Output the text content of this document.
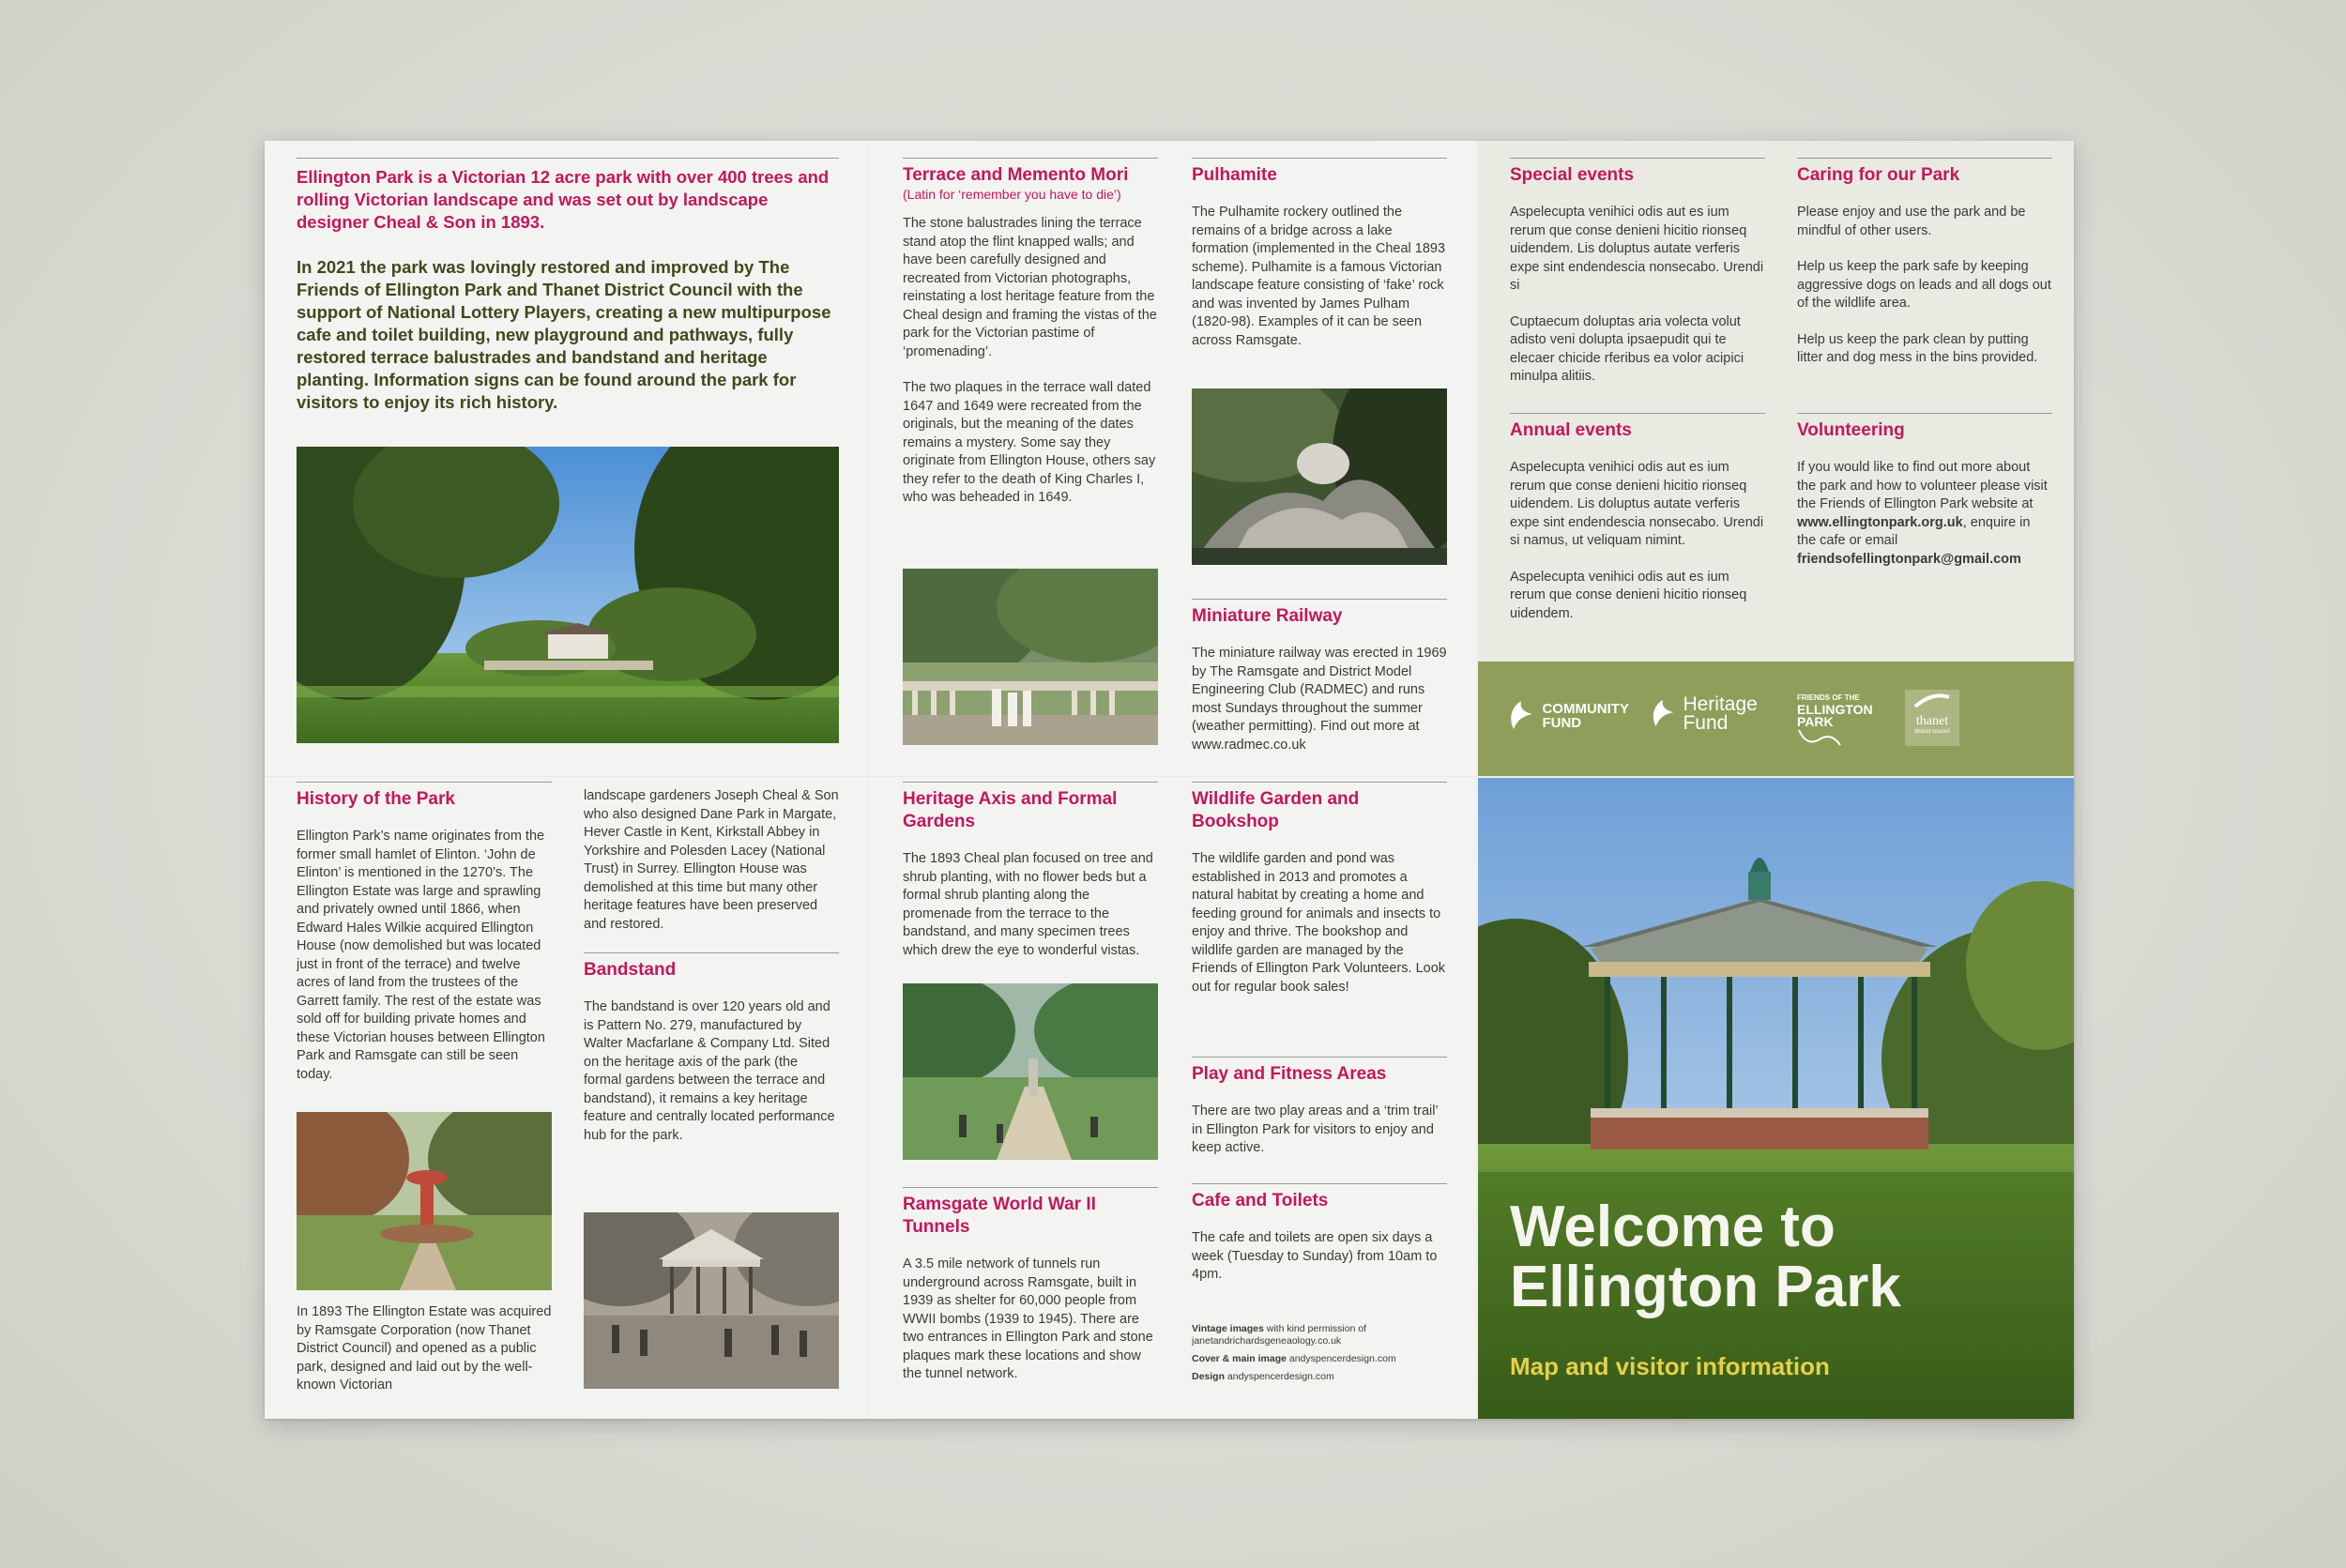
Ellington Park is a Victorian 12 acre park with over 400 trees and rolling Victorian landscape and was set out by landscape designer Cheal & Son in 1893.

In 2021 the park was lovingly restored and improved by The Friends of Ellington Park and Thanet District Council with the support of National Lottery Players, creating a new multipurpose cafe and toilet building, new playground and pathways, fully restored terrace balustrades and bandstand and heritage planting. Information signs can be found around the park for visitors to enjoy its rich history.

Terrace and Memento Mori
(Latin for ‘remember you have to die’)

The stone balustrades lining the terrace stand atop the flint knapped walls; and have been carefully designed and recreated from Victorian photographs, reinstating a lost heritage feature from the Cheal design and framing the vistas of the park for the Victorian pastime of ‘promenading’.

The two plaques in the terrace wall dated 1647 and 1649 were recreated from the originals, but the meaning of the dates remains a mystery. Some say they originate from Ellington House, others say they refer to the death of King Charles I, who was beheaded in 1649.

Pulhamite

The Pulhamite rockery outlined the remains of a bridge across a lake formation (implemented in the Cheal 1893 scheme). Pulhamite is a famous Victorian landscape feature consisting of ‘fake’ rock and was invented by James Pulham (1820-98). Examples of it can be seen across Ramsgate.

Miniature Railway

The miniature railway was erected in 1969 by The Ramsgate and District Model Engineering Club (RADMEC) and runs most Sundays throughout the summer (weather permitting). Find out more at www.radmec.co.uk

Special events

Aspelecupta venihici odis aut es ium rerum que conse denieni hicitio rionseq uidendem. Lis doluptus autate verferis expe sint endendescia nonsecabo. Urendi si

Cuptaecum doluptas aria volecta volut adisto veni dolupta ipsaepudit qui te elecaer chicide rferibus ea volor acipici minulpa alitiis.

Annual events

Aspelecupta venihici odis aut es ium rerum que conse denieni hicitio rionseq uidendem. Lis doluptus autate verferis expe sint endendescia nonsecabo. Urendi si namus, ut veliquam nimint.

Aspelecupta venihici odis aut es ium rerum que conse denieni hicitio rionseq uidendem.

Caring for our Park

Please enjoy and use the park and be mindful of other users.

Help us keep the park safe by keeping aggressive dogs on leads and all dogs out of the wildlife area.

Help us keep the park clean by putting litter and dog mess in the bins provided.

Volunteering
If you would like to find out more about the park and how to volunteer please visit the Friends of Ellington Park website at www.ellingtonpark.org.uk, enquire in the cafe or email friendsofellingtonpark@gmail.com
COMMUNITY FUND
Heritage
Fund
FRIENDS OF THE
ELLINGTON
PARK	thanet
district council
History of the Park

Ellington Park’s name originates from the former small hamlet of Elinton. ‘John de Elinton’ is mentioned in the 1270’s. The Ellington Estate was large and sprawling and privately owned until 1866, when Edward Hales Wilkie acquired Ellington House (now demolished but was located just in front of the terrace) and twelve acres of land from the trustees of the Garrett family. The rest of the estate was sold off for building private homes and these Victorian houses between Ellington Park and Ramsgate can still be seen today.

In 1893 The Ellington Estate was acquired by Ramsgate Corporation (now Thanet District Council) and opened as a public park, designed and laid out by the well-known Victorian

landscape gardeners Joseph Cheal & Son who also designed Dane Park in Margate, Hever Castle in Kent, Kirkstall Abbey in Yorkshire and Polesden Lacey (National Trust) in Surrey. Ellington House was demolished at this time but many other heritage features have been preserved and restored.

Bandstand

The bandstand is over 120 years old and is Pattern No. 279, manufactured by Walter Macfarlane & Company Ltd. Sited on the heritage axis of the park (the formal gardens between the terrace and bandstand), it remains a key heritage feature and centrally located performance hub for the park.

Heritage Axis and Formal Gardens

The 1893 Cheal plan focused on tree and shrub planting, with no flower beds but a formal shrub planting along the promenade from the terrace to the bandstand, and many specimen trees which drew the eye to wonderful vistas.

Ramsgate World War II Tunnels

A 3.5 mile network of tunnels run underground across Ramsgate, built in 1939 as shelter for 60,000 people from WWII bombs (1939 to 1945). There are two entrances in Ellington Park and stone plaques mark these locations and show the tunnel network.

Wildlife Garden and Bookshop

The wildlife garden and pond was established in 2013 and promotes a natural habitat by creating a home and feeding ground for animals and insects to enjoy and thrive. The bookshop and wildlife garden are managed by the Friends of Ellington Park Volunteers. Look out for regular book sales!

Play and Fitness Areas

There are two play areas and a ‘trim trail’ in Ellington Park for visitors to enjoy and keep active.

Cafe and Toilets

The cafe and toilets are open six days a week (Tuesday to Sunday) from 10am to 4pm.

Vintage images with kind permission of janetandrichardsgeneaology.co.uk
Cover & main image andyspencerdesign.com
Design andyspencerdesign.com
Welcome to
Ellington Park
Map and visitor information
